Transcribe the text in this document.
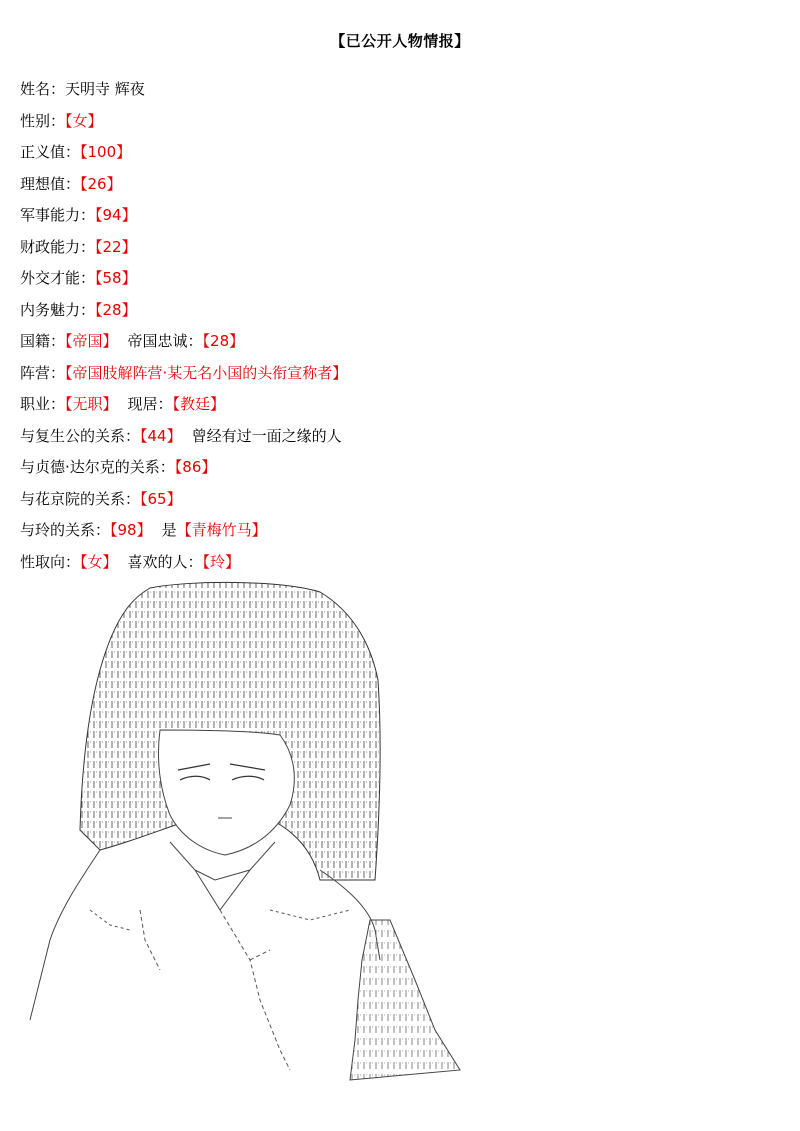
【已公开人物情报】
姓名：天明寺 辉夜
性别：【女】
正义值：【100】
理想值：【26】
军事能力：【94】
财政能力：【22】
外交才能：【58】
内务魅力：【28】
国籍：【帝国】 帝国忠诚：【28】
阵营：【帝国肢解阵营·某无名小国的头衔宣称者】
职业：【无职】 现居：【教廷】
与复生公的关系：【44】 曾经有过一面之缘的人
与贞德·达尔克的关系：【86】
与花京院的关系：【65】
与玲的关系：【98】 是【青梅竹马】
性取向：【女】 喜欢的人：【玲】
